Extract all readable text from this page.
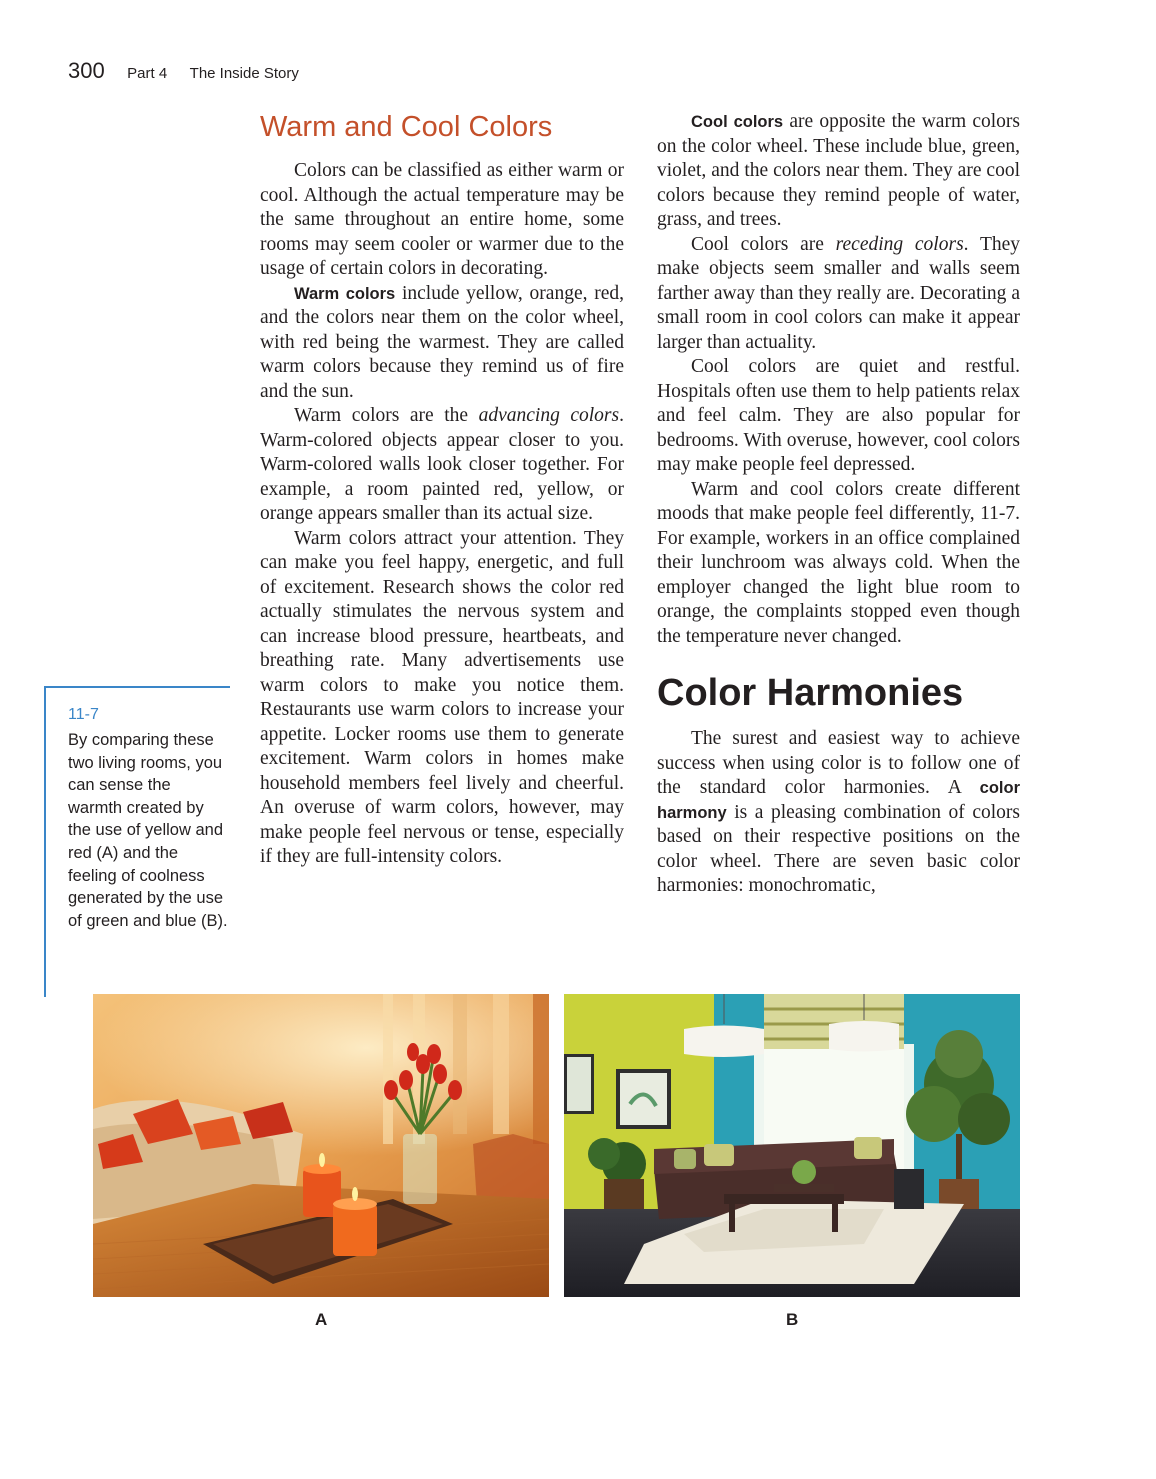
300 Part 4 The Inside Story
Warm and Cool Colors

Colors can be classified as either warm or cool. Although the actual temperature may be the same throughout an entire home, some rooms may seem cooler or warmer due to the usage of certain colors in decorating.

Warm colors include yellow, orange, red, and the colors near them on the color wheel, with red being the warmest. They are called warm colors because they remind us of fire and the sun.

Warm colors are the advancing colors. Warm-colored objects appear closer to you. Warm-colored walls look closer together. For example, a room painted red, yellow, or orange appears smaller than its actual size.

Warm colors attract your attention. They can make you feel happy, energetic, and full of excitement. Research shows the color red actually stimulates the nervous system and can increase blood pressure, heartbeats, and breathing rate. Many advertisements use warm colors to make you notice them. Restaurants use warm colors to increase your appetite. Locker rooms use them to generate excitement. Warm colors in homes make household members feel lively and cheerful. An overuse of warm colors, however, may make people feel nervous or tense, especially if they are full-intensity colors.

Cool colors are opposite the warm colors on the color wheel. These include blue, green, violet, and the colors near them. They are cool colors because they remind people of water, grass, and trees.

Cool colors are receding colors. They make objects seem smaller and walls seem farther away than they really are. Decorating a small room in cool colors can make it appear larger than actuality.

Cool colors are quiet and restful. Hospitals often use them to help patients relax and feel calm. They are also popular for bedrooms. With overuse, however, cool colors may make people feel depressed.

Warm and cool colors create different moods that make people feel differently, 11-7. For example, workers in an office complained their lunchroom was always cold. When the employer changed the light blue room to orange, the complaints stopped even though the temperature never changed.

Color Harmonies

The surest and easiest way to achieve success when using color is to follow one of the standard color harmonies. A color harmony is a pleasing combination of colors based on their respective positions on the color wheel. There are seven basic color harmonies: monochromatic,

11-7
By comparing these two living rooms, you can sense the warmth created by the use of yellow and red (A) and the feeling of coolness generated by the use of green and blue (B).
A	B
